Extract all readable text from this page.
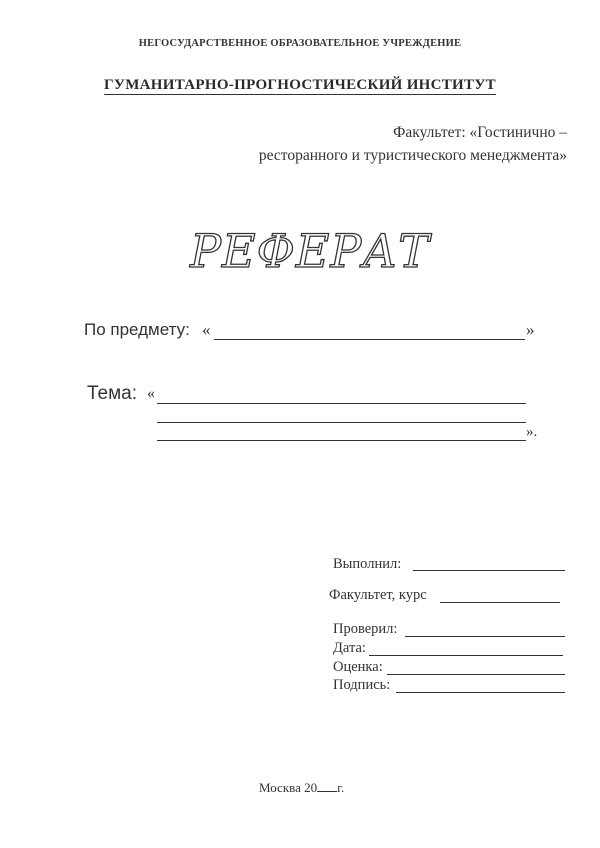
НЕГОСУДАРСТВЕННОЕ ОБРАЗОВАТЕЛЬНОЕ УЧРЕЖДЕНИЕ
ГУМАНИТАРНО-ПРОГНОСТИЧЕСКИЙ ИНСТИТУТ
Факультет: «Гостинично –
ресторанного и туристического менеджмента»
РЕФЕРАТ
По предмету: «	»
Тема: «
».
Выполнил:
Факультет, курс
Проверил:
Дата:
Оценка:
Подпись:
Москва 20 г.
